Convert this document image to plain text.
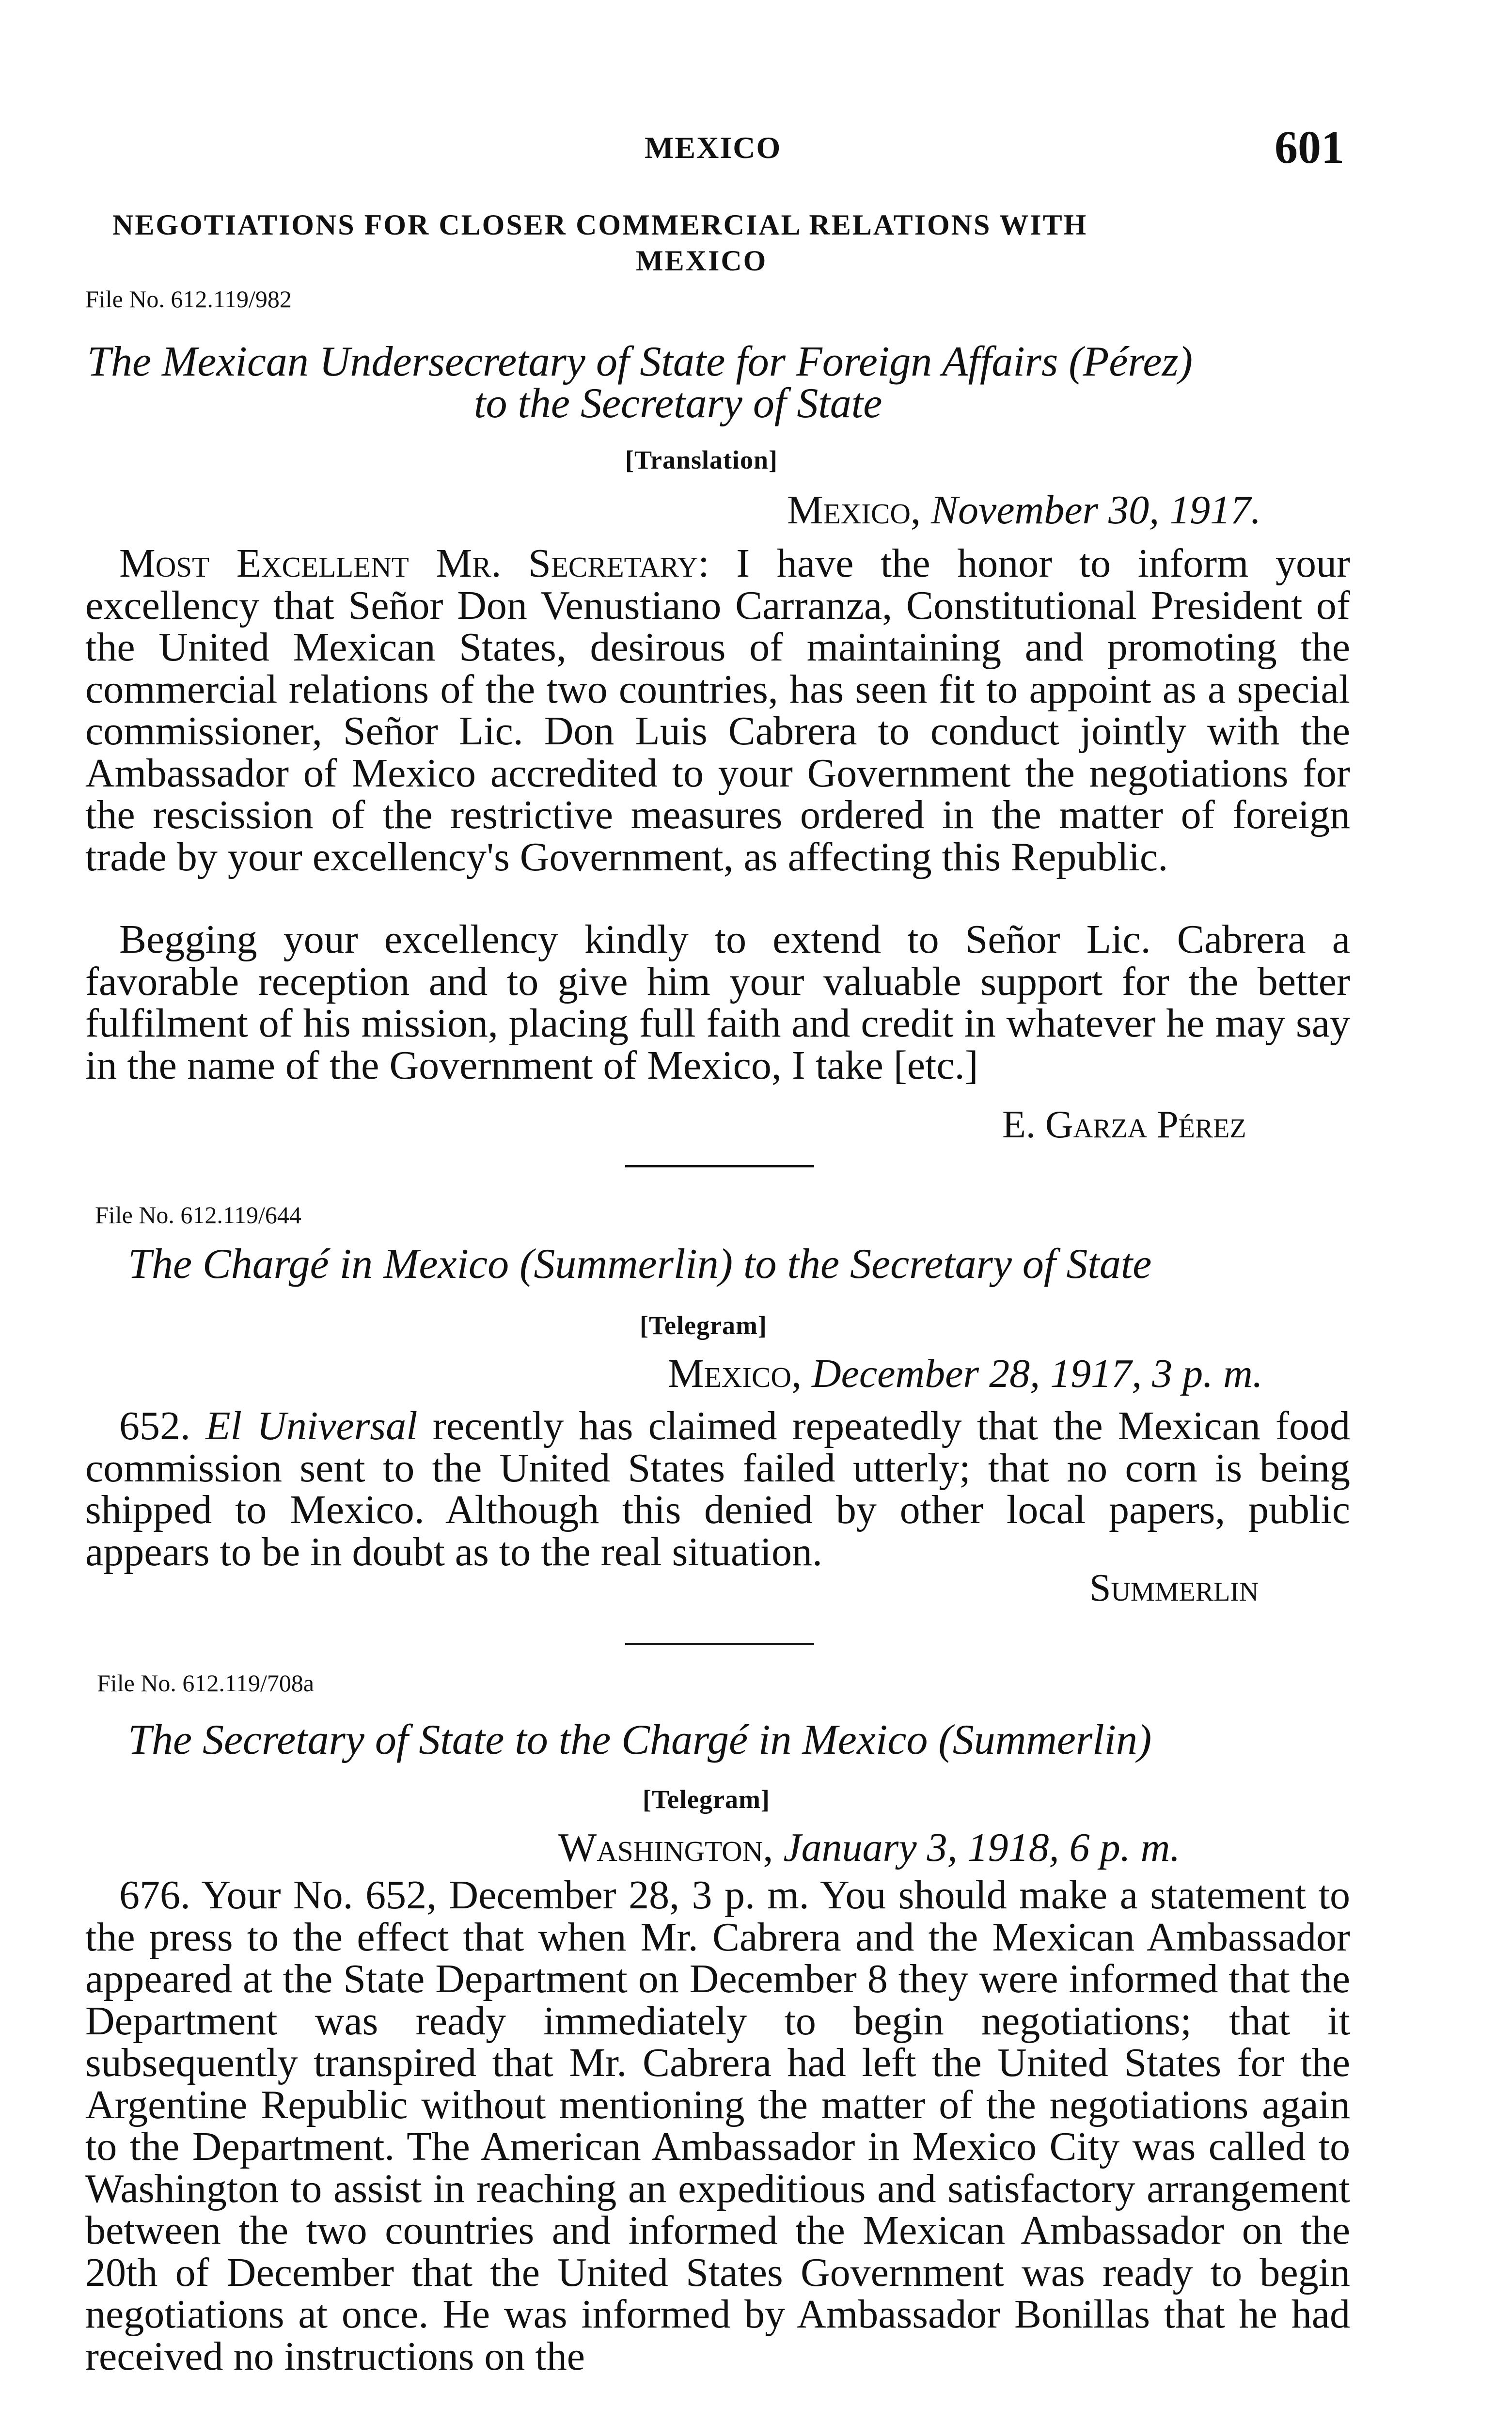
MEXICO	601
NEGOTIATIONS FOR CLOSER COMMERCIAL RELATIONS WITH
MEXICO
File No. 612.119/982
The Mexican Undersecretary of State for Foreign Affairs (Pérez)
to the Secretary of State
[Translation]
Mexico, November 30, 1917.
Most Excellent Mr. Secretary: I have the honor to inform your excellency that Señor Don Venustiano Carranza, Constitutional President of the United Mexican States, desirous of maintaining and promoting the commercial relations of the two countries, has seen fit to appoint as a special commissioner, Señor Lic. Don Luis Cabrera to conduct jointly with the Ambassador of Mexico accredited to your Government the negotiations for the rescission of the restrictive measures ordered in the matter of foreign trade by your excellency's Government, as affecting this Republic.
Begging your excellency kindly to extend to Señor Lic. Cabrera a favorable reception and to give him your valuable support for the better fulfilment of his mission, placing full faith and credit in whatever he may say in the name of the Government of Mexico, I take [etc.]
E. Garza Pérez
File No. 612.119/644
The Chargé in Mexico (Summerlin) to the Secretary of State
[Telegram]
Mexico, December 28, 1917, 3 p. m.
652. El Universal recently has claimed repeatedly that the Mexican food commission sent to the United States failed utterly; that no corn is being shipped to Mexico. Although this denied by other local papers, public appears to be in doubt as to the real situation.
Summerlin
File No. 612.119/708a
The Secretary of State to the Chargé in Mexico (Summerlin)
[Telegram]
Washington, January 3, 1918, 6 p. m.
676. Your No. 652, December 28, 3 p. m. You should make a statement to the press to the effect that when Mr. Cabrera and the Mexican Ambassador appeared at the State Department on December 8 they were informed that the Department was ready immediately to begin negotiations; that it subsequently transpired that Mr. Cabrera had left the United States for the Argentine Republic without mentioning the matter of the negotiations again to the Department. The American Ambassador in Mexico City was called to Washington to assist in reaching an expeditious and satisfactory arrangement between the two countries and informed the Mexican Ambassador on the 20th of December that the United States Government was ready to begin negotiations at once. He was informed by Ambassador Bonillas that he had received no instructions on the
